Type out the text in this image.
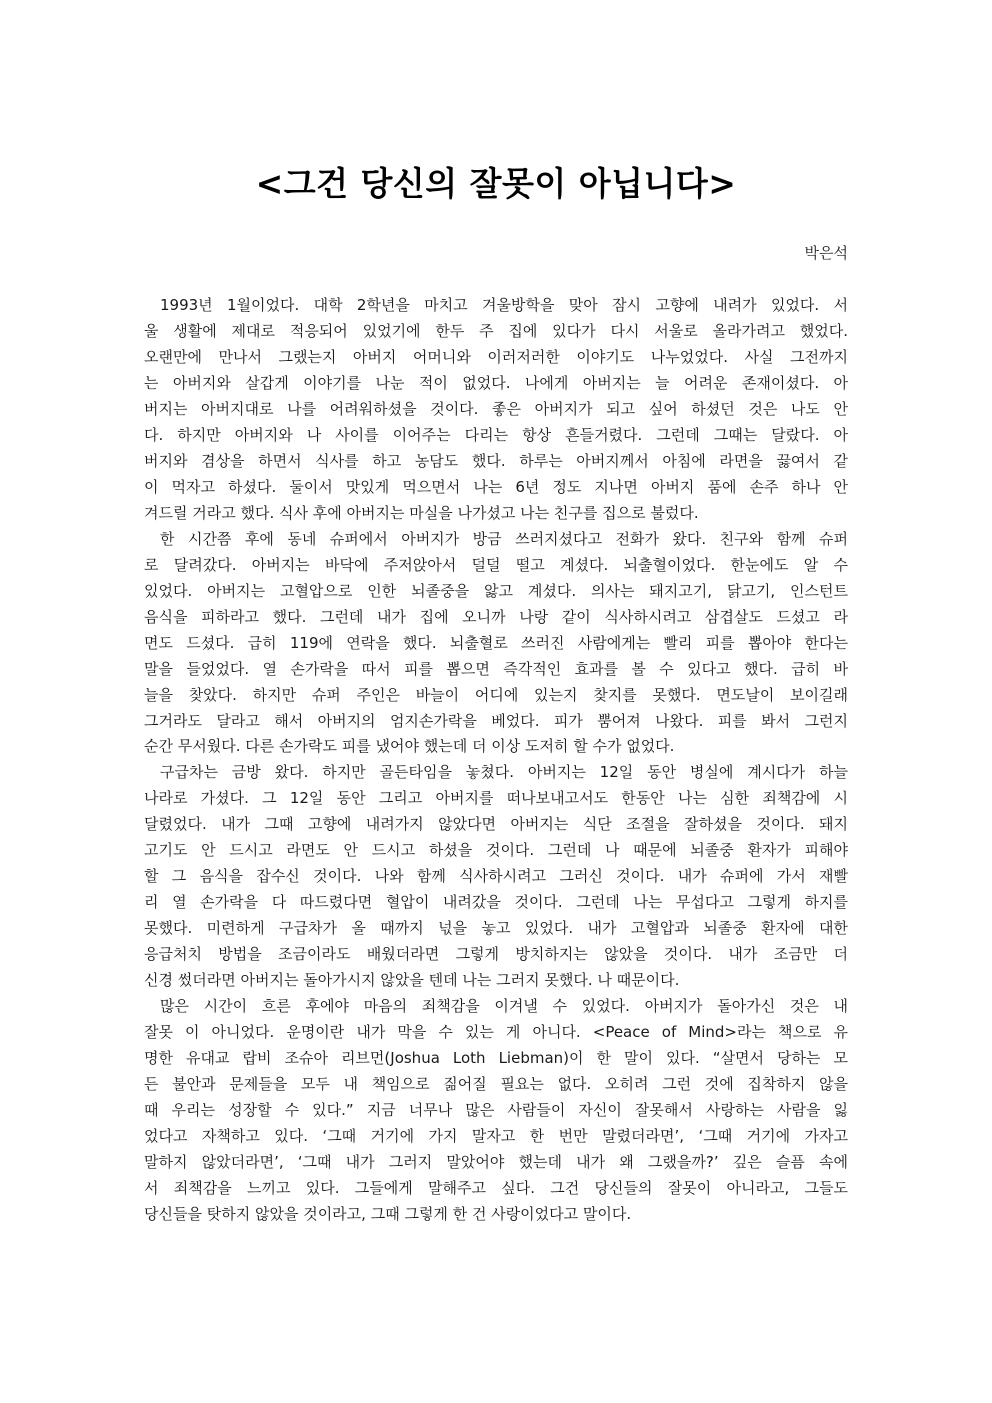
<그건 당신의 잘못이 아닙니다>
박은석
1993년 1월이었다. 대학 2학년을 마치고 겨울방학을 맞아 잠시 고향에 내려가 있었다. 서
울 생활에 제대로 적응되어 있었기에 한두 주 집에 있다가 다시 서울로 올라가려고 했었다.
오랜만에 만나서 그랬는지 아버지 어머니와 이러저러한 이야기도 나누었었다. 사실 그전까지
는 아버지와 살갑게 이야기를 나눈 적이 없었다. 나에게 아버지는 늘 어려운 존재이셨다. 아
버지는 아버지대로 나를 어려워하셨을 것이다. 좋은 아버지가 되고 싶어 하셨던 것은 나도 안
다. 하지만 아버지와 나 사이를 이어주는 다리는 항상 흔들거렸다. 그런데 그때는 달랐다. 아
버지와 겸상을 하면서 식사를 하고 농담도 했다. 하루는 아버지께서 아침에 라면을 끓여서 같
이 먹자고 하셨다. 둘이서 맛있게 먹으면서 나는 6년 정도 지나면 아버지 품에 손주 하나 안
겨드릴 거라고 했다. 식사 후에 아버지는 마실을 나가셨고 나는 친구를 집으로 불렀다.
한 시간쯤 후에 동네 슈퍼에서 아버지가 방금 쓰러지셨다고 전화가 왔다. 친구와 함께 슈퍼
로 달려갔다. 아버지는 바닥에 주저앉아서 덜덜 떨고 계셨다. 뇌출혈이었다. 한눈에도 알 수
있었다. 아버지는 고혈압으로 인한 뇌졸중을 앓고 계셨다. 의사는 돼지고기, 닭고기, 인스턴트
음식을 피하라고 했다. 그런데 내가 집에 오니까 나랑 같이 식사하시려고 삼겹살도 드셨고 라
면도 드셨다. 급히 119에 연락을 했다. 뇌출혈로 쓰러진 사람에게는 빨리 피를 뽑아야 한다는
말을 들었었다. 열 손가락을 따서 피를 뽑으면 즉각적인 효과를 볼 수 있다고 했다. 급히 바
늘을 찾았다. 하지만 슈퍼 주인은 바늘이 어디에 있는지 찾지를 못했다. 면도날이 보이길래
그거라도 달라고 해서 아버지의 엄지손가락을 베었다. 피가 뿜어져 나왔다. 피를 봐서 그런지
순간 무서웠다. 다른 손가락도 피를 냈어야 했는데 더 이상 도저히 할 수가 없었다.
구급차는 금방 왔다. 하지만 골든타임을 놓쳤다. 아버지는 12일 동안 병실에 계시다가 하늘
나라로 가셨다. 그 12일 동안 그리고 아버지를 떠나보내고서도 한동안 나는 심한 죄책감에 시
달렸었다. 내가 그때 고향에 내려가지 않았다면 아버지는 식단 조절을 잘하셨을 것이다. 돼지
고기도 안 드시고 라면도 안 드시고 하셨을 것이다. 그런데 나 때문에 뇌졸중 환자가 피해야
할 그 음식을 잡수신 것이다. 나와 함께 식사하시려고 그러신 것이다. 내가 슈퍼에 가서 재빨
리 열 손가락을 다 따드렸다면 혈압이 내려갔을 것이다. 그런데 나는 무섭다고 그렇게 하지를
못했다. 미련하게 구급차가 올 때까지 넋을 놓고 있었다. 내가 고혈압과 뇌졸중 환자에 대한
응급처치 방법을 조금이라도 배웠더라면 그렇게 방치하지는 않았을 것이다. 내가 조금만 더
신경 썼더라면 아버지는 돌아가시지 않았을 텐데 나는 그러지 못했다. 나 때문이다.
많은 시간이 흐른 후에야 마음의 죄책감을 이겨낼 수 있었다. 아버지가 돌아가신 것은 내
잘못 이 아니었다. 운명이란 내가 막을 수 있는 게 아니다. <Peace of Mind>라는 책으로 유
명한 유대교 랍비 조슈아 리브먼(Joshua Loth Liebman)이 한 말이 있다. “살면서 당하는 모
든 불안과 문제들을 모두 내 책임으로 짊어질 필요는 없다. 오히려 그런 것에 집착하지 않을
때 우리는 성장할 수 있다.” 지금 너무나 많은 사람들이 자신이 잘못해서 사랑하는 사람을 잃
었다고 자책하고 있다. ‘그때 거기에 가지 말자고 한 번만 말렸더라면’, ‘그때 거기에 가자고
말하지 않았더라면’, ‘그때 내가 그러지 말았어야 했는데 내가 왜 그랬을까?’ 깊은 슬픔 속에
서 죄책감을 느끼고 있다. 그들에게 말해주고 싶다. 그건 당신들의 잘못이 아니라고, 그들도
당신들을 탓하지 않았을 것이라고, 그때 그렇게 한 건 사랑이었다고 말이다.
